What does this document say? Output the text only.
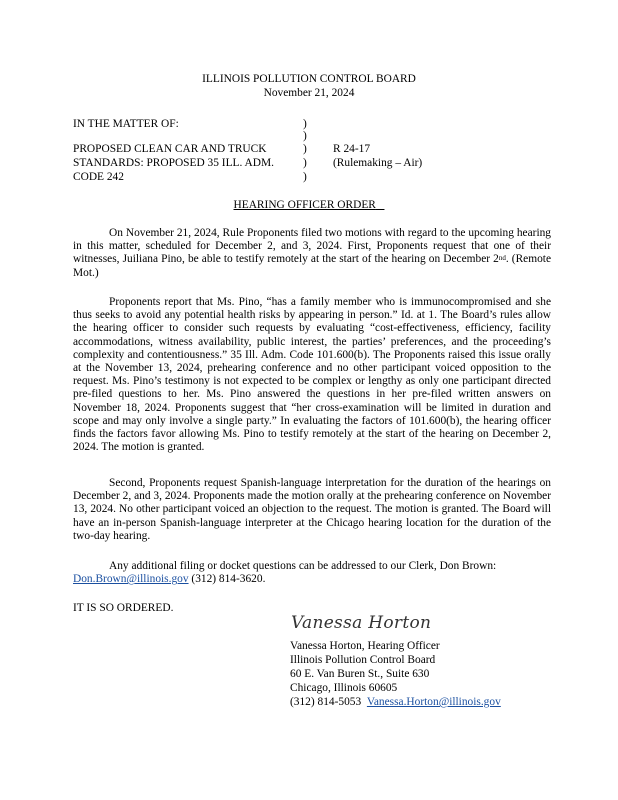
ILLINOIS POLLUTION CONTROL BOARD
November 21, 2024
IN THE MATTER OF:
PROPOSED CLEAN CAR AND TRUCK
STANDARDS: PROPOSED 35 ILL. ADM.
CODE 242
)
)
)
)
)
R 24-17
(Rulemaking – Air)
HEARING OFFICER ORDER
On November 21, 2024, Rule Proponents filed two motions with regard to the upcoming hearing in this matter, scheduled for December 2, and 3, 2024. First, Proponents request that one of their witnesses, Juiliana Pino, be able to testify remotely at the start of the hearing on December 2nd. (Remote Mot.)
Proponents report that Ms. Pino, “has a family member who is immunocompromised and she thus seeks to avoid any potential health risks by appearing in person.” Id. at 1. The Board’s rules allow the hearing officer to consider such requests by evaluating “cost-effectiveness, efficiency, facility accommodations, witness availability, public interest, the parties’ preferences, and the proceeding’s complexity and contentiousness.” 35 Ill. Adm. Code 101.600(b). The Proponents raised this issue orally at the November 13, 2024, prehearing conference and no other participant voiced opposition to the request. Ms. Pino’s testimony is not expected to be complex or lengthy as only one participant directed pre-filed questions to her. Ms. Pino answered the questions in her pre-filed written answers on November 18, 2024. Proponents suggest that “her cross-examination will be limited in duration and scope and may only involve a single party.” In evaluating the factors of 101.600(b), the hearing officer finds the factors favor allowing Ms. Pino to testify remotely at the start of the hearing on December 2, 2024. The motion is granted.
Second, Proponents request Spanish-language interpretation for the duration of the hearings on December 2, and 3, 2024. Proponents made the motion orally at the prehearing conference on November 13, 2024. No other participant voiced an objection to the request. The motion is granted. The Board will have an in-person Spanish-language interpreter at the Chicago hearing location for the duration of the two-day hearing.
Any additional filing or docket questions can be addressed to our Clerk, Don Brown:
Don.Brown@illinois.gov (312) 814-3620.
IT IS SO ORDERED.
Vanessa Horton
Vanessa Horton, Hearing Officer
Illinois Pollution Control Board
60 E. Van Buren St., Suite 630
Chicago, Illinois 60605
(312) 814-5053 Vanessa.Horton@illinois.gov
